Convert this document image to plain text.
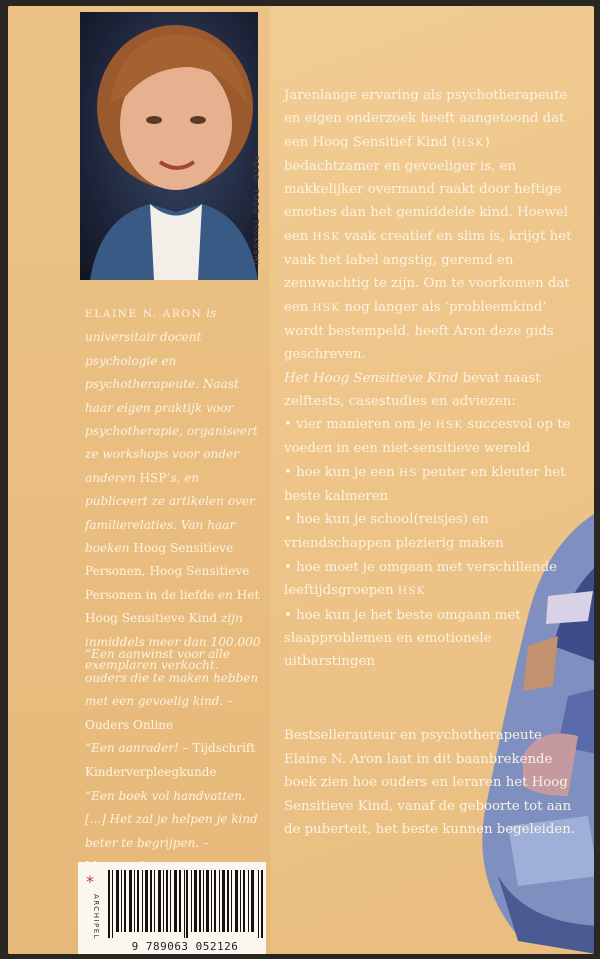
FOTO: TODD TSUKUSHI
ELAINE N. ARON is universitair docent psychologie en psychotherapeute. Naast haar eigen praktijk voor psychotherapie, organiseert ze workshops voor onder anderen HSP’s, en publiceert ze artikelen over familierelaties. Van haar boeken Hoog Sensitieve Personen, Hoog Sensitieve Personen in de liefde en Het Hoog Sensitieve Kind zijn inmiddels meer dan 100.000 exemplaren verkocht.
“Een aanwinst voor alle ouders die te maken hebben met een gevoelig kind. – Ouders Online
“Een aanrader! – Tijdschrift Kinderverpleegkunde
“Een boek vol handvatten. [...] Het zal je helpen je kind beter te begrijpen. –
*
ARCHIPEL
9 789063 052126

Jarenlange ervaring als psychotherapeute en eigen onderzoek heeft aangetoond dat een Hoog Sensitief Kind (HSK) bedachtzamer en gevoeliger is, en makkelijker overmand raakt door heftige emoties dan het gemiddelde kind. Hoewel een HSK vaak creatief en slim is, krijgt het vaak het label angstig, geremd en zenuwachtig te zijn. Om te voorkomen dat een HSK nog langer als ‘probleemkind’ wordt bestempeld, heeft Aron deze gids geschreven.

Het Hoog Sensitieve Kind bevat naast zelftests, casestudies en adviezen:

• vier manieren om je HSK succesvol op te voeden in een niet-sensitieve wereld
• hoe kun je een HS peuter en kleuter het beste kalmeren
• hoe kun je school(reisjes) en vriendschappen plezierig maken
• hoe moet je omgaan met verschillende leeftijdsgroepen HSK
• hoe kun je het beste omgaan met slaapproblemen en emotionele uitbarstingen
Bestsellerauteur en psychotherapeute Elaine N. Aron laat in dit baanbrekende boek zien hoe ouders en leraren het Hoog Sensitieve Kind, vanaf de geboorte tot aan de puberteit, het beste kunnen begeleiden.
